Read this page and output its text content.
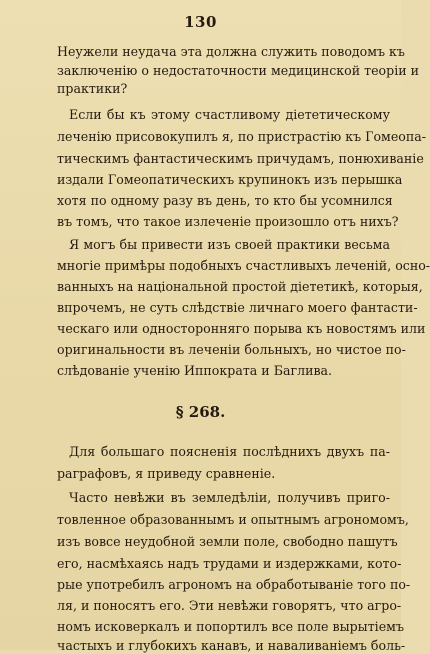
130
Неужели неудача эта должна служить поводомъ къ
заключенію о недостаточности медицинской теоріи и
практики?
Если бы къ этому счастливому діететическому
леченію присовокупилъ я, по пристрастію къ Гомеопа-
тическимъ фантастическимъ причудамъ, понюхиваніе
издали Гомеопатическихъ крупинокъ изъ перышка
хотя по одному разу въ день, то кто бы усомнился
въ томъ, что такое излеченіе произошло отъ нихъ?
Я могъ бы привести изъ своей практики весьма
многіе примѣры подобныхъ счастливыхъ леченій, осно-
ванныхъ на національной простой діететикѣ, которыя,
впрочемъ, не суть слѣдствіе личнаго моего фантасти-
ческаго или односторонняго порыва къ новостямъ или
оригинальности въ леченіи больныхъ, но чистое по-
слѣдованіе ученію Иппократа и Баглива.
§ 268.
Для большаго поясненія послѣднихъ двухъ па-
раграфовъ, я приведу сравненіе.
Часто невѣжи въ земледѣліи, получивъ приго-
товленное образованнымъ и опытнымъ агрономомъ,
изъ вовсе неудобной земли поле, свободно пашутъ
его, насмѣхаясь надъ трудами и издержками, кото-
рые употребилъ агрономъ на обработываніе того по-
ля, и поносятъ его. Эти невѣжи говорятъ, что агро-
номъ исковеркалъ и попортилъ все поле вырытіемъ
частыхъ и глубокихъ канавъ, и наваливаніемъ боль-
